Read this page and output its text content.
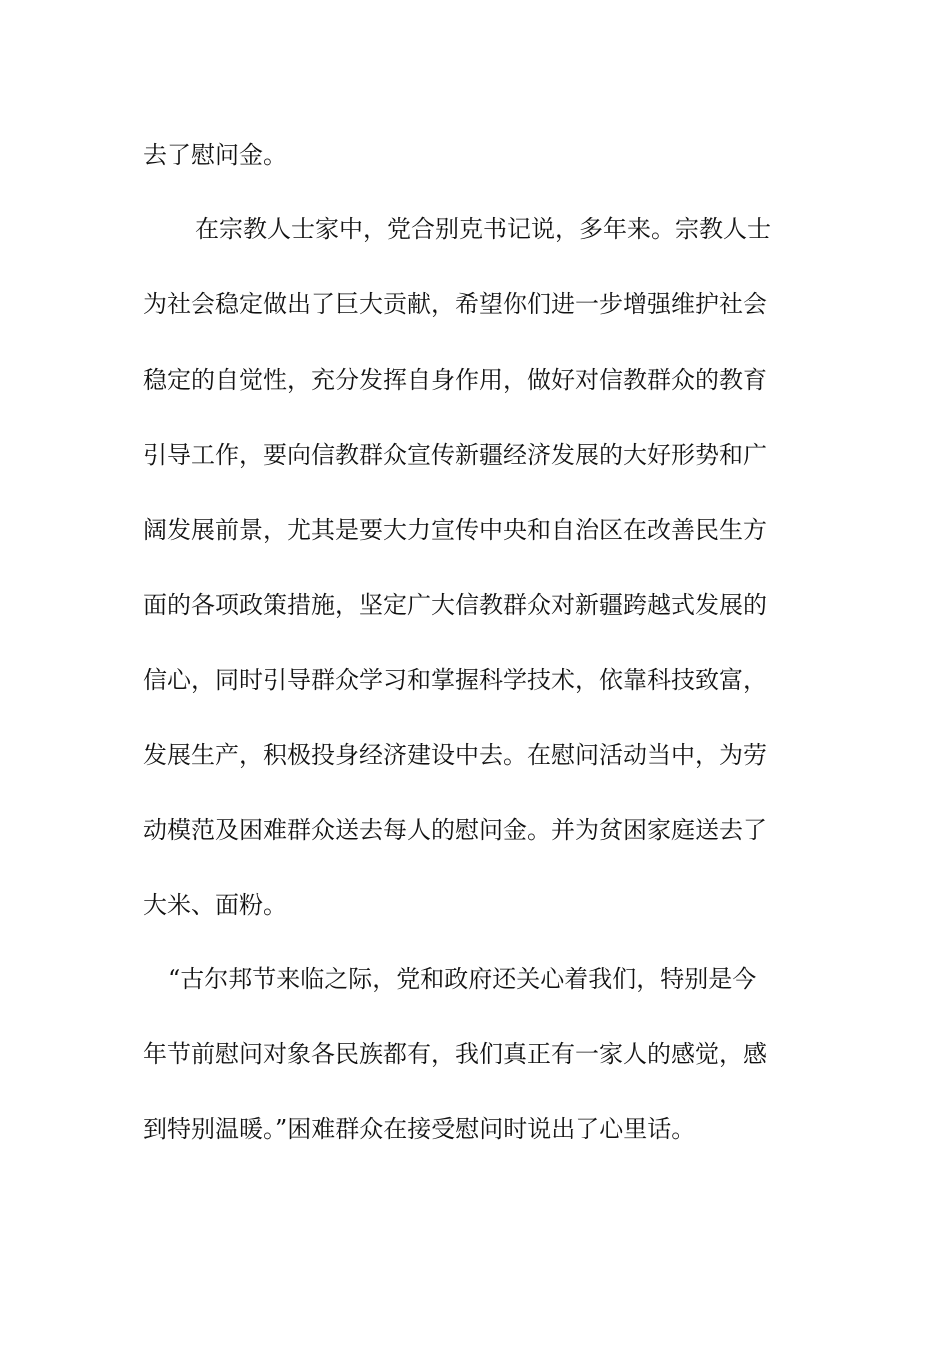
去了慰问金。
在宗教人士家中，党合别克书记说，多年来。宗教人士
为社会稳定做出了巨大贡献，希望你们进一步增强维护社会
稳定的自觉性，充分发挥自身作用，做好对信教群众的教育
引导工作，要向信教群众宣传新疆经济发展的大好形势和广
阔发展前景，尤其是要大力宣传中央和自治区在改善民生方
面的各项政策措施，坚定广大信教群众对新疆跨越式发展的
信心，同时引导群众学习和掌握科学技术，依靠科技致富，
发展生产，积极投身经济建设中去。在慰问活动当中，为劳
动模范及困难群众送去每人的慰问金。并为贫困家庭送去了
大米、面粉。
“古尔邦节来临之际，党和政府还关心着我们，特别是今
年节前慰问对象各民族都有，我们真正有一家人的感觉，感
到特别温暖。”困难群众在接受慰问时说出了心里话。
